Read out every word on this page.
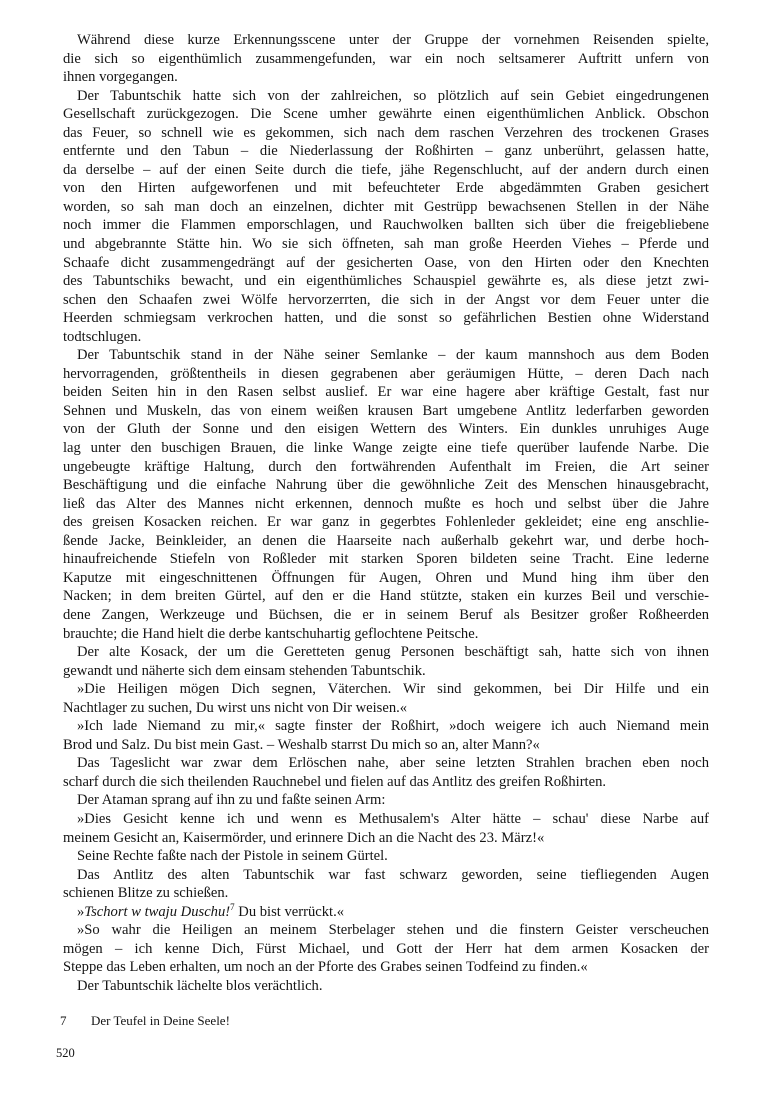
Während diese kurze Erkennungsscene unter der Gruppe der vornehmen Reisenden spielte,
die sich so eigenthümlich zusammengefunden, war ein noch seltsamerer Auftritt unfern von
ihnen vorgegangen.
Der Tabuntschik hatte sich von der zahlreichen, so plötzlich auf sein Gebiet eingedrungenen
Gesellschaft zurückgezogen. Die Scene umher gewährte einen eigenthümlichen Anblick. Obschon
das Feuer, so schnell wie es gekommen, sich nach dem raschen Verzehren des trockenen Grases
entfernte und den Tabun – die Niederlassung der Roßhirten – ganz unberührt, gelassen hatte,
da derselbe – auf der einen Seite durch die tiefe, jähe Regenschlucht, auf der andern durch einen
von den Hirten aufgeworfenen und mit befeuchteter Erde abgedämmten Graben gesichert
worden, so sah man doch an einzelnen, dichter mit Gestrüpp bewachsenen Stellen in der Nähe
noch immer die Flammen emporschlagen, und Rauchwolken ballten sich über die freigebliebene
und abgebrannte Stätte hin. Wo sie sich öffneten, sah man große Heerden Viehes – Pferde und
Schaafe dicht zusammengedrängt auf der gesicherten Oase, von den Hirten oder den Knechten
des Tabuntschiks bewacht, und ein eigenthümliches Schauspiel gewährte es, als diese jetzt zwi-
schen den Schaafen zwei Wölfe hervorzerrten, die sich in der Angst vor dem Feuer unter die
Heerden schmiegsam verkrochen hatten, und die sonst so gefährlichen Bestien ohne Widerstand
todtschlugen.
Der Tabuntschik stand in der Nähe seiner Semlanke – der kaum mannshoch aus dem Boden
hervorragenden, größtentheils in diesen gegrabenen aber geräumigen Hütte, – deren Dach nach
beiden Seiten hin in den Rasen selbst auslief. Er war eine hagere aber kräftige Gestalt, fast nur
Sehnen und Muskeln, das von einem weißen krausen Bart umgebene Antlitz lederfarben geworden
von der Gluth der Sonne und den eisigen Wettern des Winters. Ein dunkles unruhiges Auge
lag unter den buschigen Brauen, die linke Wange zeigte eine tiefe querüber laufende Narbe. Die
ungebeugte kräftige Haltung, durch den fortwährenden Aufenthalt im Freien, die Art seiner
Beschäftigung und die einfache Nahrung über die gewöhnliche Zeit des Menschen hinausgebracht,
ließ das Alter des Mannes nicht erkennen, dennoch mußte es hoch und selbst über die Jahre
des greisen Kosacken reichen. Er war ganz in gegerbtes Fohlenleder gekleidet; eine eng anschlie-
ßende Jacke, Beinkleider, an denen die Haarseite nach außerhalb gekehrt war, und derbe hoch-
hinaufreichende Stiefeln von Roßleder mit starken Sporen bildeten seine Tracht. Eine lederne
Kaputze mit eingeschnittenen Öffnungen für Augen, Ohren und Mund hing ihm über den
Nacken; in dem breiten Gürtel, auf den er die Hand stützte, staken ein kurzes Beil und verschie-
dene Zangen, Werkzeuge und Büchsen, die er in seinem Beruf als Besitzer großer Roßheerden
brauchte; die Hand hielt die derbe kantschuhartig geflochtene Peitsche.
Der alte Kosack, der um die Geretteten genug Personen beschäftigt sah, hatte sich von ihnen
gewandt und näherte sich dem einsam stehenden Tabuntschik.
»Die Heiligen mögen Dich segnen, Väterchen. Wir sind gekommen, bei Dir Hilfe und ein
Nachtlager zu suchen, Du wirst uns nicht von Dir weisen.«
»Ich lade Niemand zu mir,« sagte finster der Roßhirt, »doch weigere ich auch Niemand mein
Brod und Salz. Du bist mein Gast. – Weshalb starrst Du mich so an, alter Mann?«
Das Tageslicht war zwar dem Erlöschen nahe, aber seine letzten Strahlen brachen eben noch
scharf durch die sich theilenden Rauchnebel und fielen auf das Antlitz des greifen Roßhirten.
Der Ataman sprang auf ihn zu und faßte seinen Arm:
»Dies Gesicht kenne ich und wenn es Methusalem's Alter hätte – schau' diese Narbe auf
meinem Gesicht an, Kaisermörder, und erinnere Dich an die Nacht des 23. März!«
Seine Rechte faßte nach der Pistole in seinem Gürtel.
Das Antlitz des alten Tabuntschik war fast schwarz geworden, seine tiefliegenden Augen
schienen Blitze zu schießen.
»Tschort w twaju Duschu!$^7$ Du bist verrückt.«
»So wahr die Heiligen an meinem Sterbelager stehen und die finstern Geister verscheuchen
mögen – ich kenne Dich, Fürst Michael, und Gott der Herr hat dem armen Kosacken der
Steppe das Leben erhalten, um noch an der Pforte des Grabes seinen Todfeind zu finden.«
Der Tabuntschik lächelte blos verächtlich.
7 Der Teufel in Deine Seele!
520
